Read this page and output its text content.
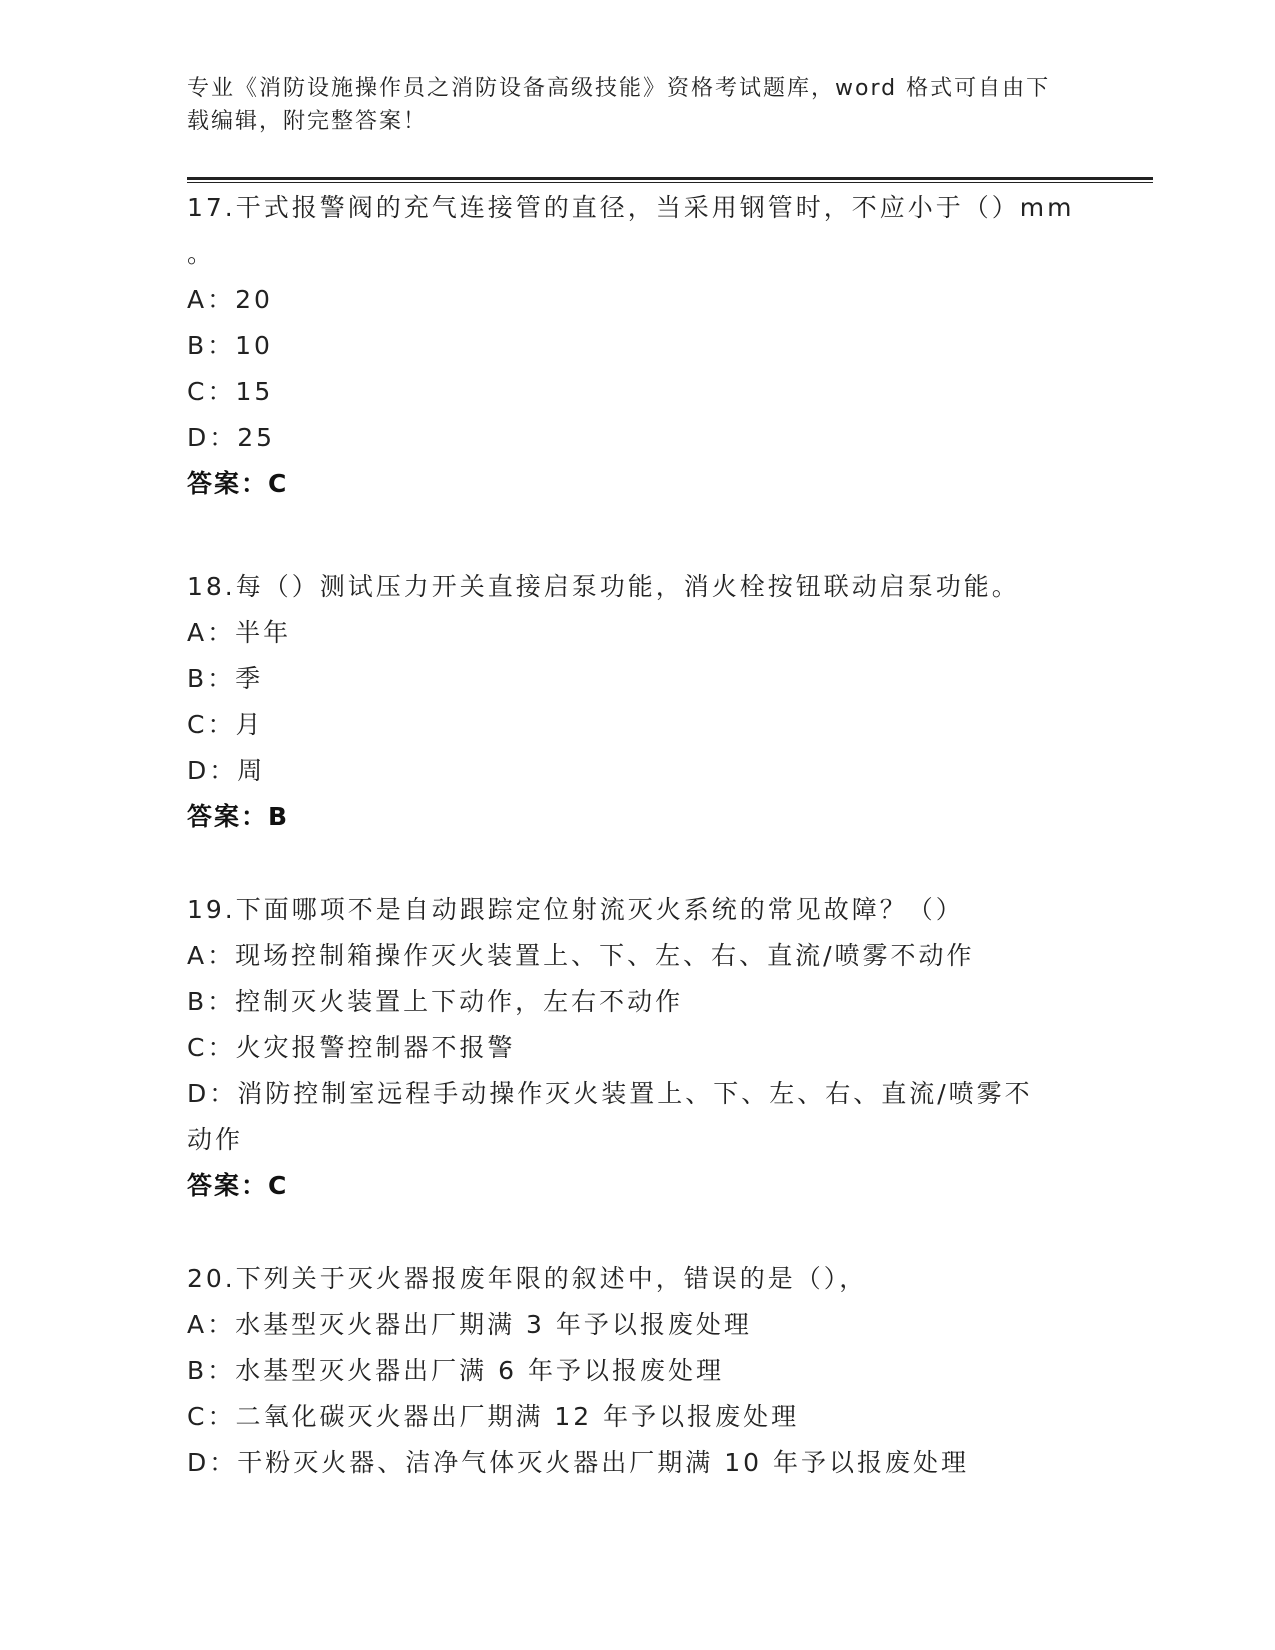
专业《消防设施操作员之消防设备高级技能》资格考试题库，word 格式可自由下载编辑，附完整答案！
17.干式报警阀的充气连接管的直径，当采用钢管时，不应小于（）mm
。
A：20
B：10
C：15
D：25
答案：C
18.每（）测试压力开关直接启泵功能，消火栓按钮联动启泵功能。
A：半年
B：季
C：月
D：周
答案：B
19.下面哪项不是自动跟踪定位射流灭火系统的常见故障？（）
A：现场控制箱操作灭火装置上、下、左、右、直流/喷雾不动作
B：控制灭火装置上下动作，左右不动作
C：火灾报警控制器不报警
D：消防控制室远程手动操作灭火装置上、下、左、右、直流/喷雾不
动作
答案：C
20.下列关于灭火器报废年限的叙述中，错误的是（），
A：水基型灭火器出厂期满 3 年予以报废处理
B：水基型灭火器出厂满 6 年予以报废处理
C：二氧化碳灭火器出厂期满 12 年予以报废处理
D：干粉灭火器、洁净气体灭火器出厂期满 10 年予以报废处理
